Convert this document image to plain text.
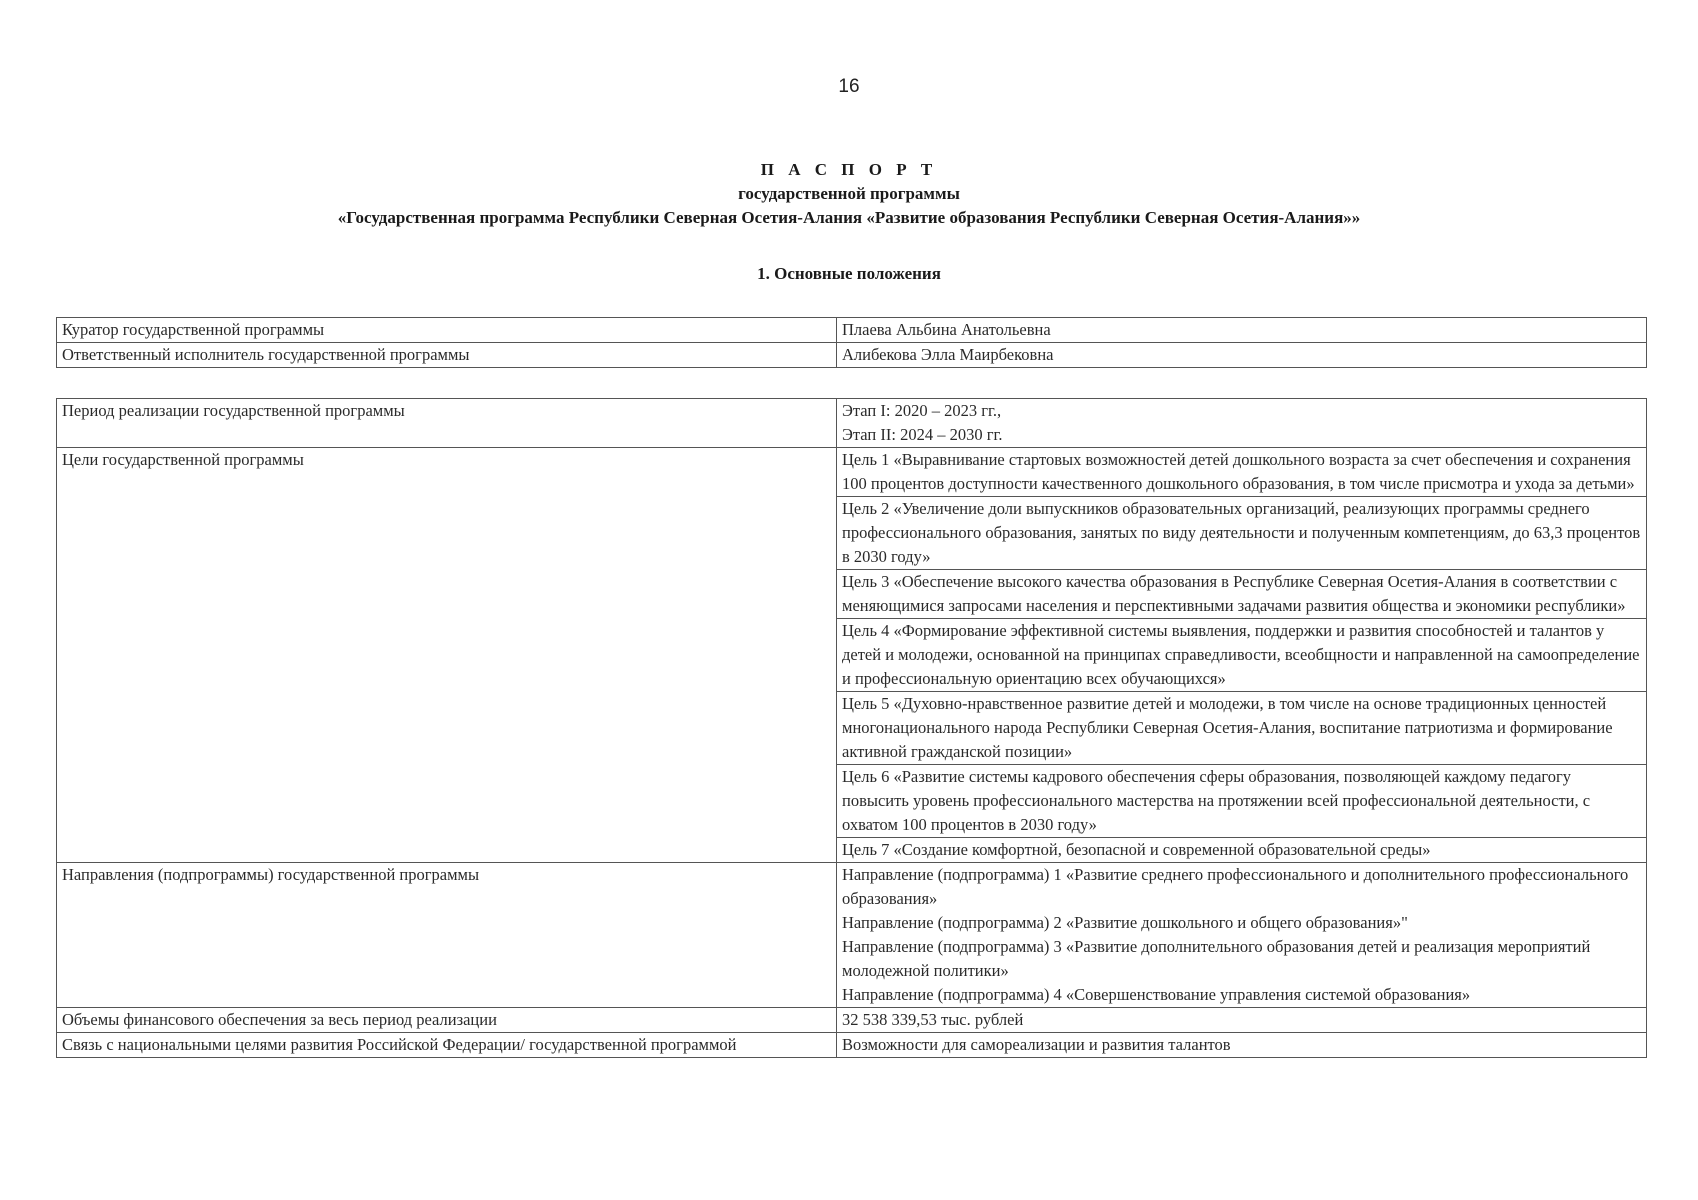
16
П А С П О Р Т
государственной программы
«Государственная программа Республики Северная Осетия-Алания «Развитие образования Республики Северная Осетия-Алания»»
1. Основные положения
Куратор государственной программы	Плаева Альбина Анатольевна
Ответственный исполнитель государственной программы	Алибекова Элла Маирбековна
Период реализации государственной программы	Этап I: 2020 – 2023 гг.,
Этап II: 2024 – 2030 гг.

Цели государственной программы	Цель 1 «Выравнивание стартовых возможностей детей дошкольного возраста за счет обеспечения и сохранения 100 процентов доступности качественного дошкольного образования, в том числе присмотра и ухода за детьми»
	Цель 2 «Увеличение доли выпускников образовательных организаций, реализующих программы среднего профессионального образования, занятых по виду деятельности и полученным компетенциям, до 63,3 процентов в 2030 году»
	Цель 3 «Обеспечение высокого качества образования в Республике Северная Осетия-Алания в соответствии с меняющимися запросами населения и перспективными задачами развития общества и экономики республики»
	Цель 4 «Формирование эффективной системы выявления, поддержки и развития способностей и талантов у детей и молодежи, основанной на принципах справедливости, всеобщности и направленной на самоопределение и профессиональную ориентацию всех обучающихся»
	Цель 5 «Духовно-нравственное развитие детей и молодежи, в том числе на основе традиционных ценностей многонационального народа Республики Северная Осетия-Алания, воспитание патриотизма и формирование активной гражданской позиции»
	Цель 6 «Развитие системы кадрового обеспечения сферы образования, позволяющей каждому педагогу повысить уровень профессионального мастерства на протяжении всей профессиональной деятельности, с охватом 100 процентов в 2030 году»
	Цель 7 «Создание комфортной, безопасной и современной образовательной среды»
Направления (подпрограммы) государственной программы	Направление (подпрограмма) 1 «Развитие среднего профессионального и дополнительного профессионального образования»
Направление (подпрограмма) 2 «Развитие дошкольного и общего образования»"
Направление (подпрограмма) 3 «Развитие дополнительного образования детей и реализация мероприятий молодежной политики»
Направление (подпрограмма) 4 «Совершенствование управления системой образования»

Объемы финансового обеспечения за весь период реализации	32 538 339,53 тыс. рублей
Связь с национальными целями развития Российской Федерации/ государственной программой	Возможности для самореализации и развития талантов
